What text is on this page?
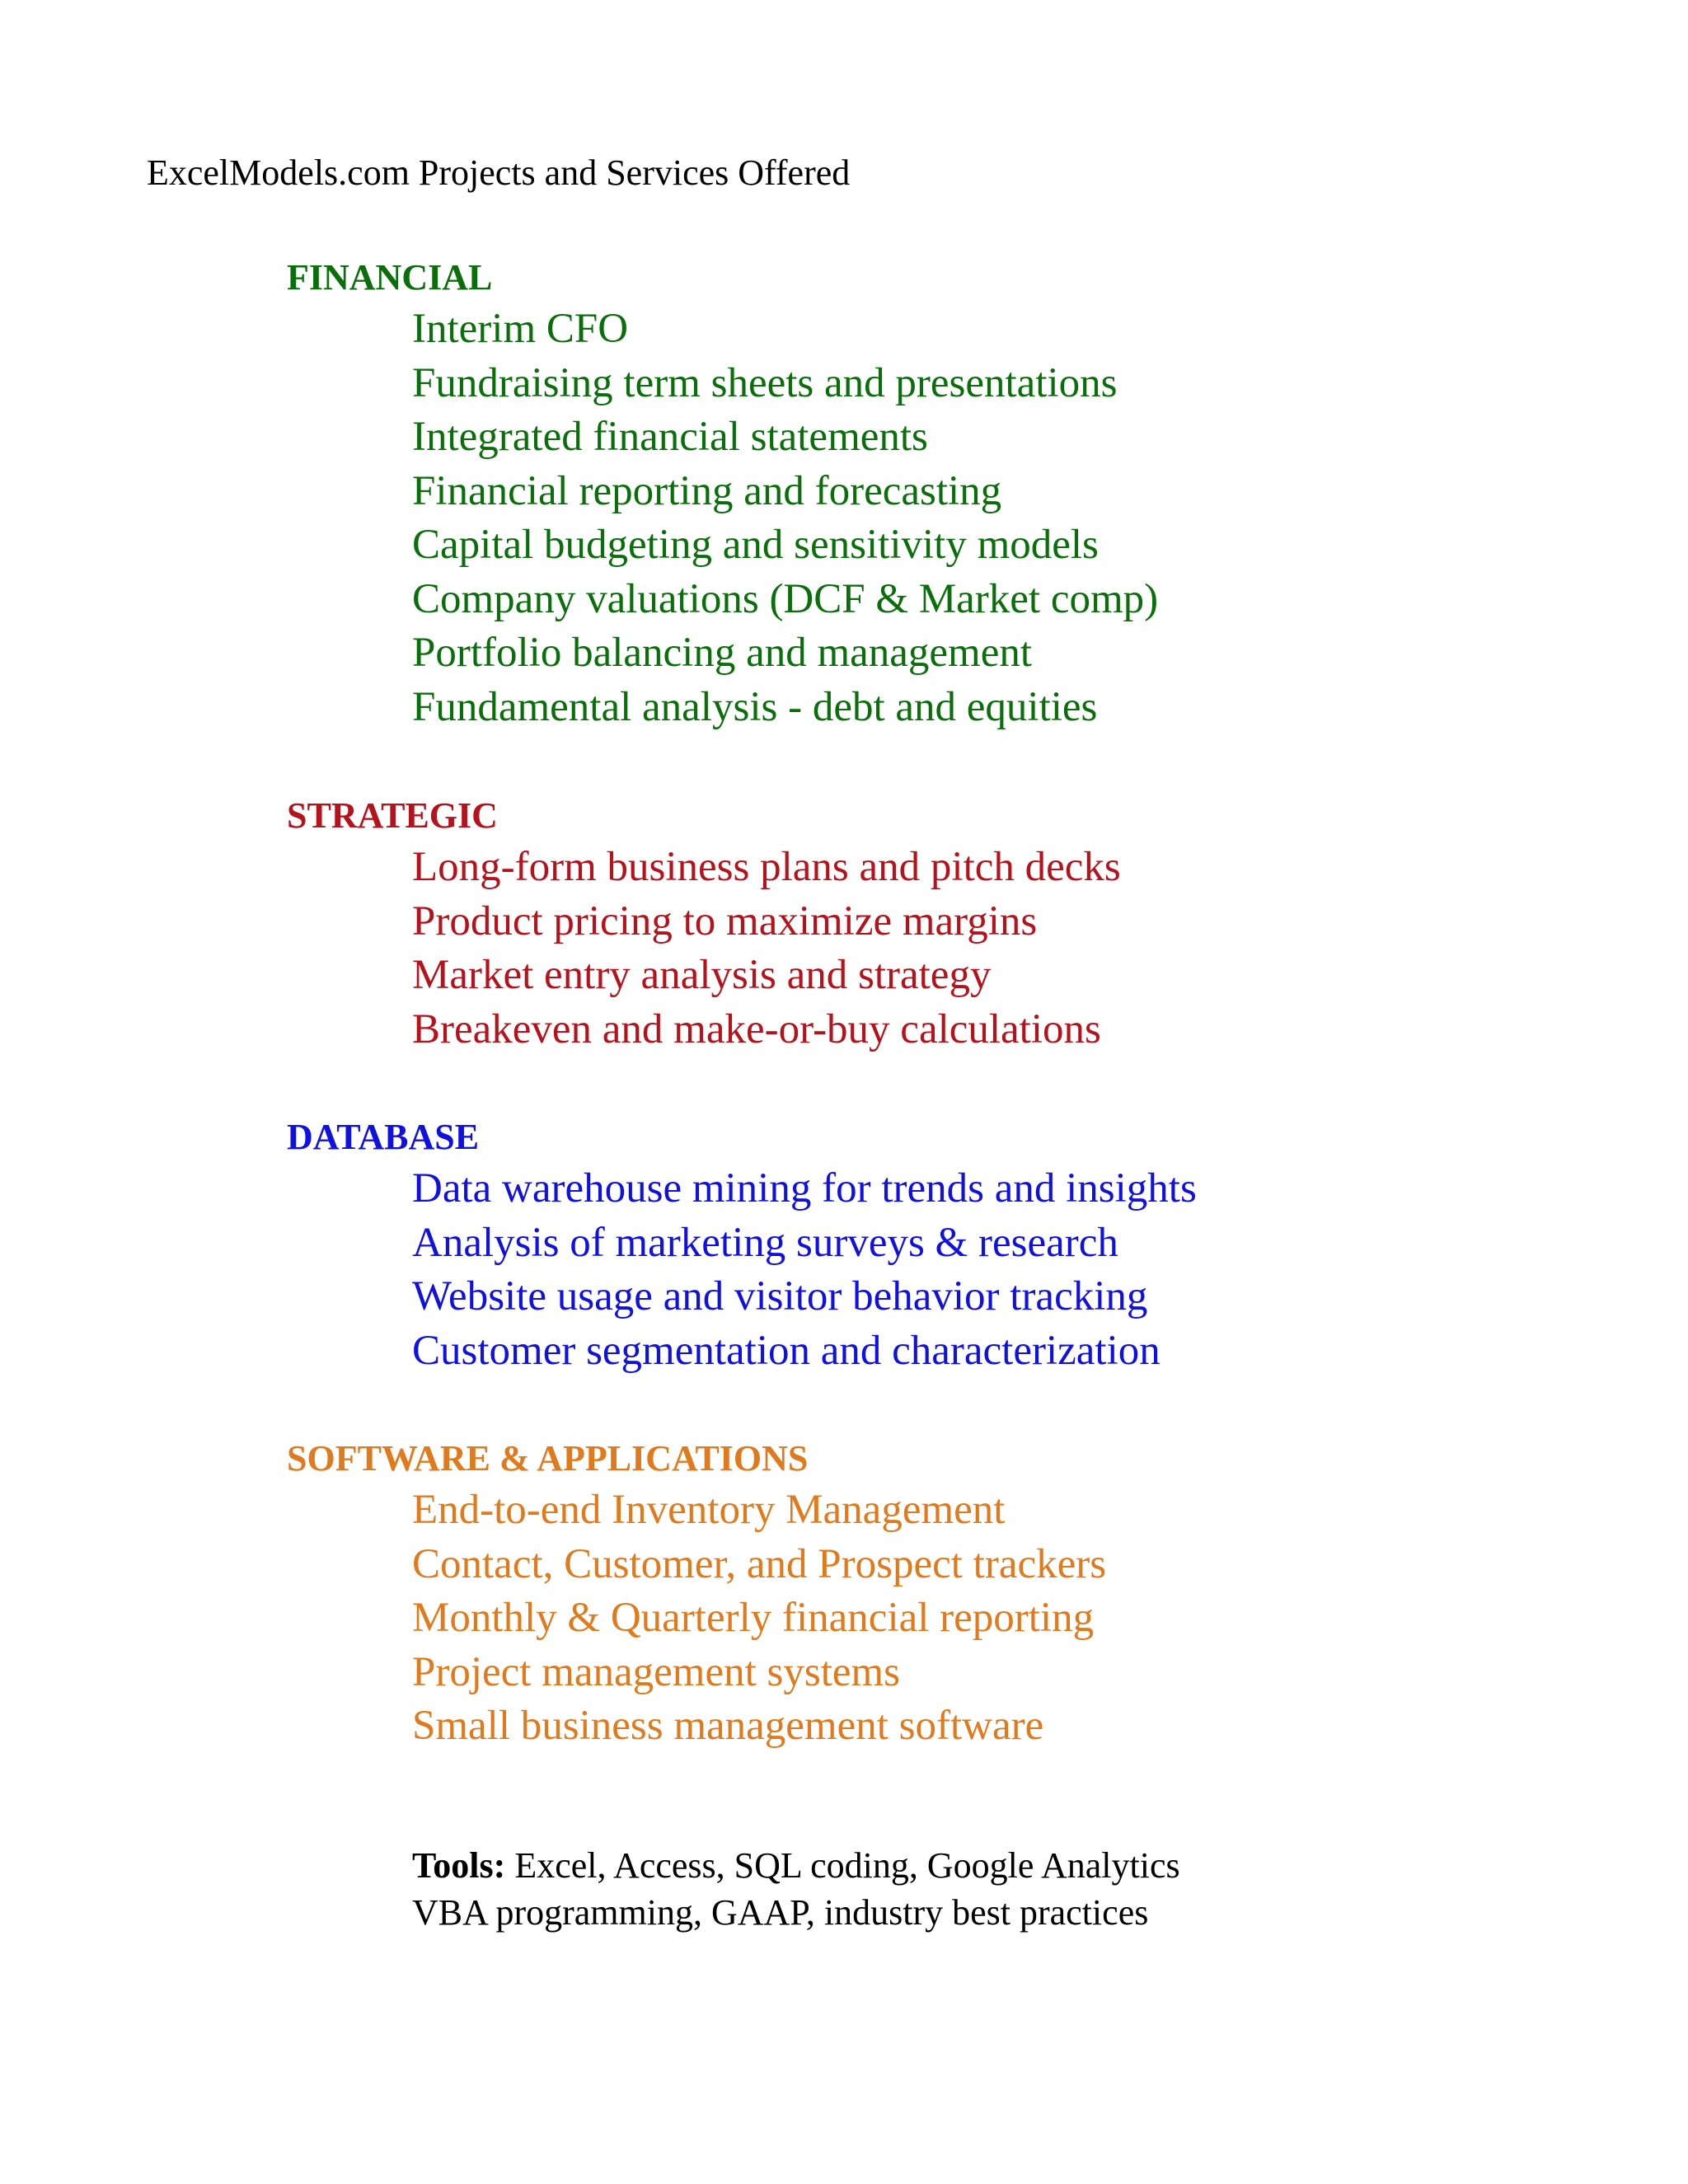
ExcelModels.com Projects and Services Offered
FINANCIAL
Interim CFO
Fundraising term sheets and presentations
Integrated financial statements
Financial reporting and forecasting
Capital budgeting and sensitivity models
Company valuations (DCF & Market comp)
Portfolio balancing and management
Fundamental analysis - debt and equities
STRATEGIC
Long-form business plans and pitch decks
Product pricing to maximize margins
Market entry analysis and strategy
Breakeven and make-or-buy calculations
DATABASE
Data warehouse mining for trends and insights
Analysis of marketing surveys & research
Website usage and visitor behavior tracking
Customer segmentation and characterization
SOFTWARE & APPLICATIONS
End-to-end Inventory Management
Contact, Customer, and Prospect trackers
Monthly & Quarterly financial reporting
Project management systems
Small business management software
Tools: Excel, Access, SQL coding, Google Analytics
VBA programming, GAAP, industry best practices
